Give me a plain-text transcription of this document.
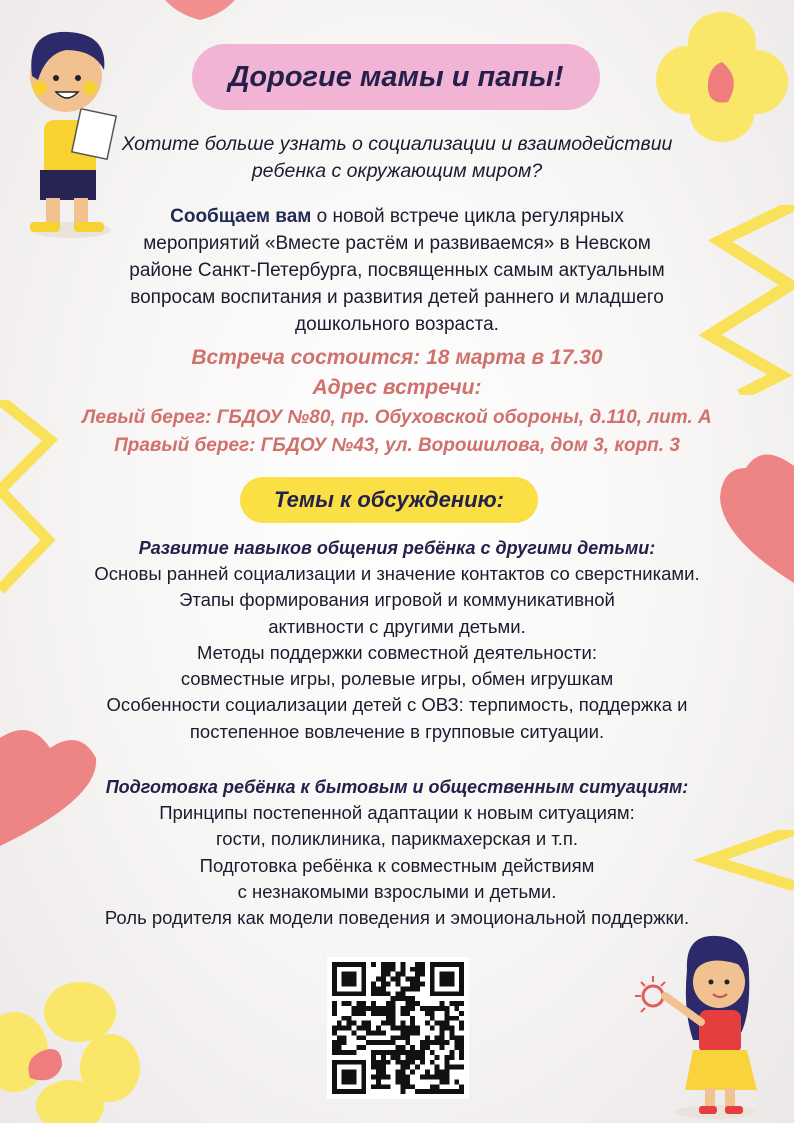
Дорогие мамы и папы!
Хотите больше узнать о социализации и взаимодействии
ребенка с окружающим миром?
Сообщаем вам о новой встрече цикла регулярных
мероприятий «Вместе растём и развиваемся» в Невском
районе Санкт-Петербурга, посвященных самым актуальным
вопросам воспитания и развития детей раннего и младшего
дошкольного возраста.
Встреча состоится: 18 марта в 17.30
Адрес встречи:
Левый берег: ГБДОУ №80, пр. Обуховской обороны, д.110, лит. А
Правый берег: ГБДОУ №43, ул. Ворошилова, дом 3, корп. 3
Темы к обсуждению:
Развитие навыков общения ребёнка с другими детьми:
Основы ранней социализации и значение контактов со сверстниками.
Этапы формирования игровой и коммуникативной
активности с другими детьми.
Методы поддержки совместной деятельности:
совместные игры, ролевые игры, обмен игрушкам
Особенности социализации детей с ОВЗ: терпимость, поддержка и
постепенное вовлечение в групповые ситуации.
Подготовка ребёнка к бытовым и общественным ситуациям:
Принципы постепенной адаптации к новым ситуациям:
гости, поликлиника, парикмахерская и т.п.
Подготовка ребёнка к совместным действиям
с незнакомыми взрослыми и детьми.
Роль родителя как модели поведения и эмоциональной поддержки.
